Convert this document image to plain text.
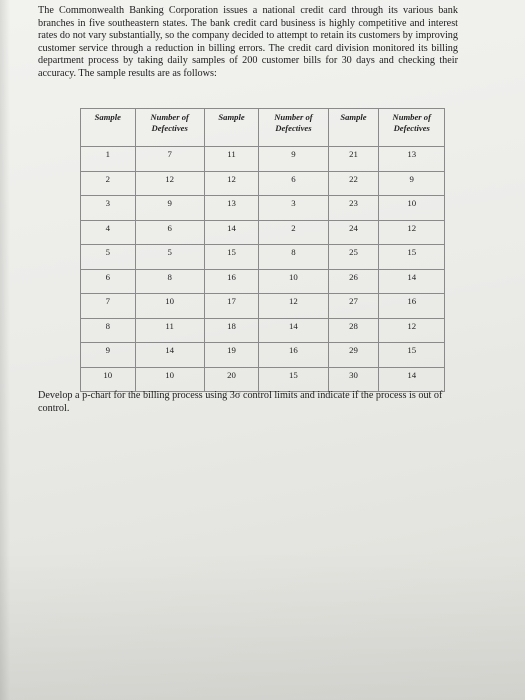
The Commonwealth Banking Corporation issues a national credit card through its various bank branches in five southeastern states. The bank credit card business is highly competitive and interest rates do not vary substantially, so the company decided to attempt to retain its customers by improving customer service through a reduction in billing errors. The credit card division monitored its billing department process by taking daily samples of 200 customer bills for 30 days and checking their accuracy. The sample results are as follows:

Sample	Number of Defectives	Sample	Number of Defectives	Sample	Number of Defectives
1	7	11	9	21	13
2	12	12	6	22	9
3	9	13	3	23	10
4	6	14	2	24	12
5	5	15	8	25	15
6	8	16	10	26	14
7	10	17	12	27	16
8	11	18	14	28	12
9	14	19	16	29	15
10	10	20	15	30	14

Develop a p-chart for the billing process using 3σ control limits and indicate if the process is out of control.
